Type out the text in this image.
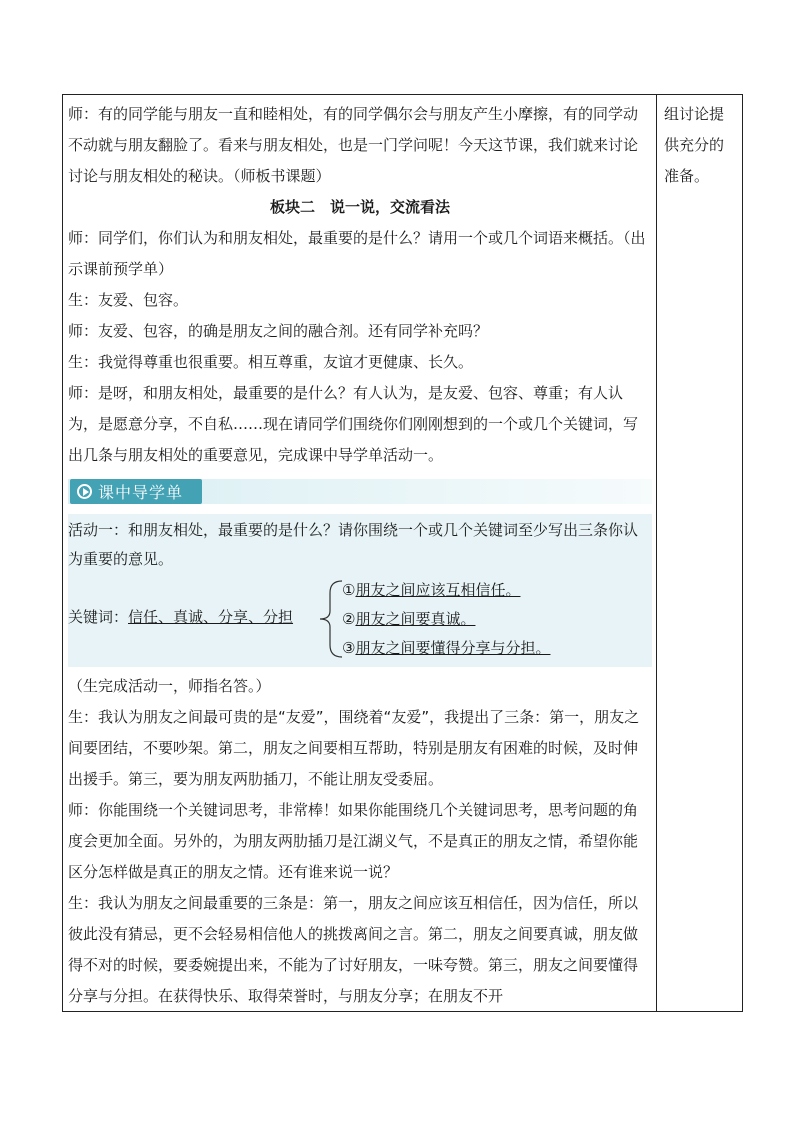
师：有的同学能与朋友一直和睦相处，有的同学偶尔会与朋友产生小摩擦，有的同学动不动就与朋友翻脸了。看来与朋友相处，也是一门学问呢！今天这节课，我们就来讨论讨论与朋友相处的秘诀。（师板书课题）

板块二　说一说，交流看法

师：同学们，你们认为和朋友相处，最重要的是什么？请用一个或几个词语来概括。（出示课前预学单）

生：友爱、包容。

师：友爱、包容，的确是朋友之间的融合剂。还有同学补充吗？

生：我觉得尊重也很重要。相互尊重，友谊才更健康、长久。

师：是呀，和朋友相处，最重要的是什么？有人认为，是友爱、包容、尊重；有人认为，是愿意分享，不自私……现在请同学们围绕你们刚刚想到的一个或几个关键词，写出几条与朋友相处的重要意见，完成课中导学单活动一。

课中导学单

活动一：和朋友相处，最重要的是什么？请你围绕一个或几个关键词至少写出三条你认为重要的意见。

关键词：信任、真诚、分享、分担
①朋友之间应该互相信任。
②朋友之间要真诚。
③朋友之间要懂得分享与分担。

（生完成活动一，师指名答。）

生：我认为朋友之间最可贵的是“友爱”，围绕着“友爱”，我提出了三条：第一，朋友之间要团结，不要吵架。第二，朋友之间要相互帮助，特别是朋友有困难的时候，及时伸出援手。第三，要为朋友两肋插刀，不能让朋友受委屈。

师：你能围绕一个关键词思考，非常棒！如果你能围绕几个关键词思考，思考问题的角度会更加全面。另外的，为朋友两肋插刀是江湖义气，不是真正的朋友之情，希望你能区分怎样做是真正的朋友之情。还有谁来说一说？

生：我认为朋友之间最重要的三条是：第一，朋友之间应该互相信任，因为信任，所以彼此没有猜忌，更不会轻易相信他人的挑拨离间之言。第二，朋友之间要真诚，朋友做得不对的时候，要委婉提出来，不能为了讨好朋友，一味夸赞。第三，朋友之间要懂得分享与分担。在获得快乐、取得荣誉时，与朋友分享；在朋友不开

组讨论提供充分的准备。
